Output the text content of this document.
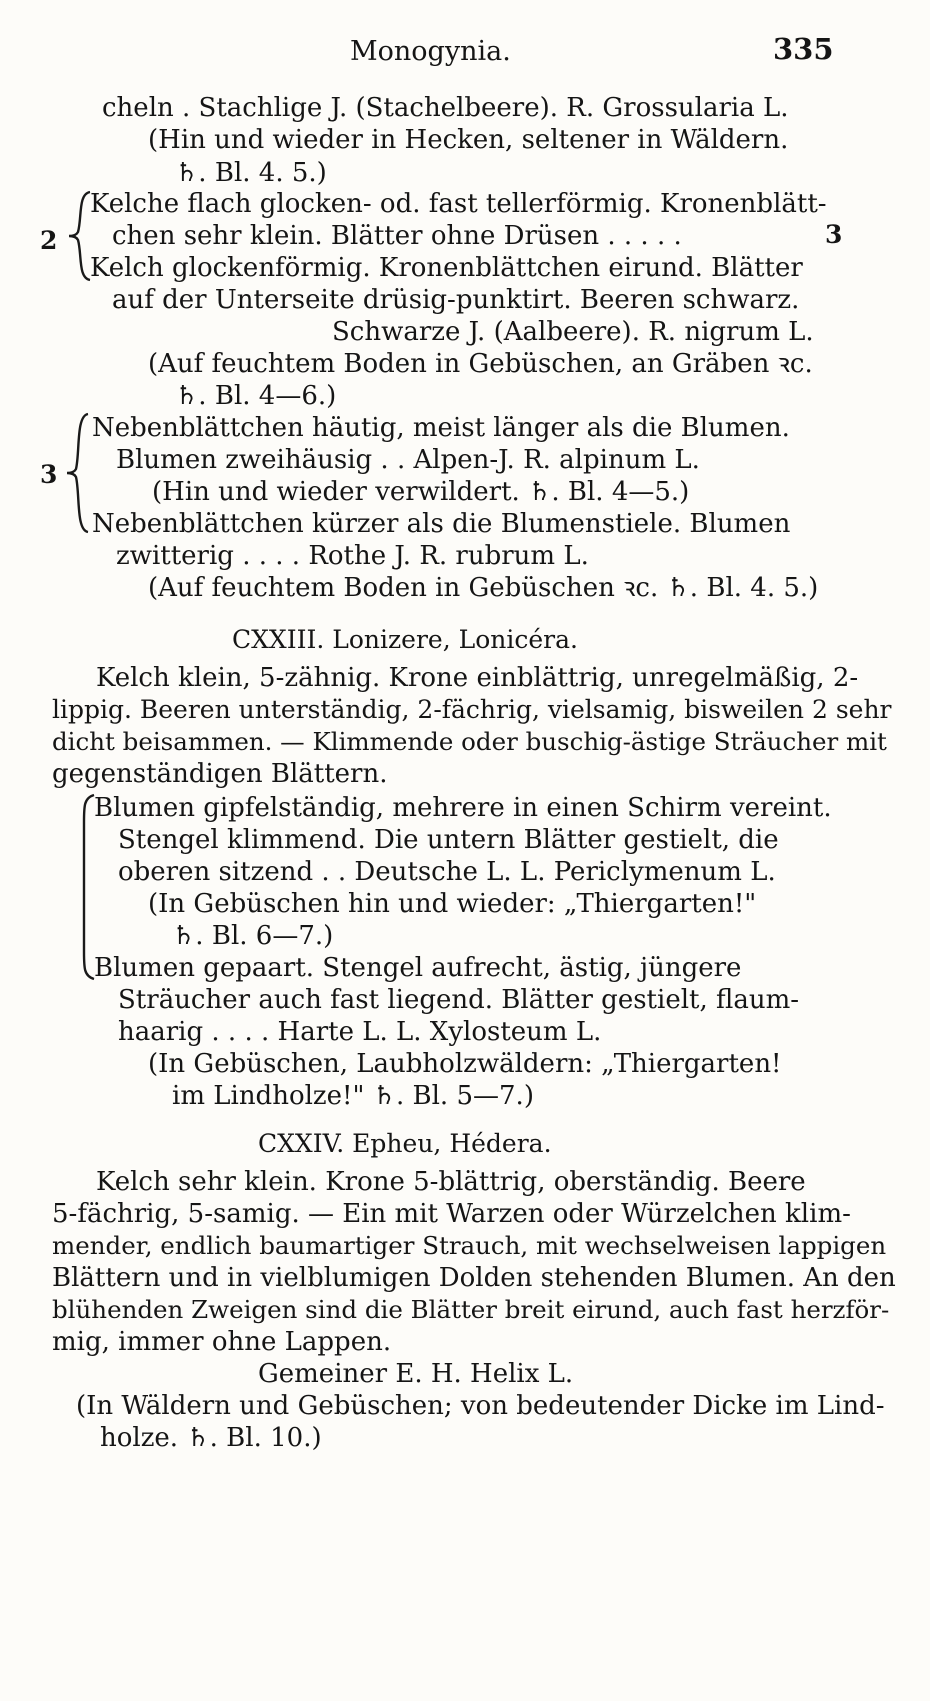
Monogynia.	335
cheln . Stachlige J. (Stachelbeere). R. Grossularia L.
(Hin und wieder in Hecken, seltener in Wäldern.
♄. Bl. 4. 5.)
2
Kelche flach glocken- od. fast tellerförmig. Kronenblätt-
chen sehr klein. Blätter ohne Drüsen . . . . .	3
Kelch glockenförmig. Kronenblättchen eirund. Blätter
auf der Unterseite drüsig-punktirt. Beeren schwarz.
Schwarze J. (Aalbeere). R. nigrum L.
(Auf feuchtem Boden in Gebüschen, an Gräben ꝛc.
♄. Bl. 4—6.)
3
Nebenblättchen häutig, meist länger als die Blumen.
Blumen zweihäusig . . Alpen-J. R. alpinum L.
(Hin und wieder verwildert. ♄. Bl. 4—5.)
Nebenblättchen kürzer als die Blumenstiele. Blumen
zwitterig . . . . Rothe J. R. rubrum L.
(Auf feuchtem Boden in Gebüschen ꝛc. ♄. Bl. 4. 5.)
CXXIII. Lonizere, Lonicéra.
Kelch klein, 5-zähnig. Krone einblättrig, unregelmäßig, 2-
lippig. Beeren unterständig, 2-fächrig, vielsamig, bisweilen 2 sehr
dicht beisammen. — Klimmende oder buschig-ästige Sträucher mit
gegenständigen Blättern.
Blumen gipfelständig, mehrere in einen Schirm vereint.
Stengel klimmend. Die untern Blätter gestielt, die
oberen sitzend . . Deutsche L. L. Periclymenum L.
(In Gebüschen hin und wieder: „Thiergarten!"
♄. Bl. 6—7.)
Blumen gepaart. Stengel aufrecht, ästig, jüngere
Sträucher auch fast liegend. Blätter gestielt, flaum-
haarig . . . . Harte L. L. Xylosteum L.
(In Gebüschen, Laubholzwäldern: „Thiergarten!
im Lindholze!" ♄. Bl. 5—7.)
CXXIV. Epheu, Hédera.
Kelch sehr klein. Krone 5-blättrig, oberständig. Beere
5-fächrig, 5-samig. — Ein mit Warzen oder Würzelchen klim-
mender, endlich baumartiger Strauch, mit wechselweisen lappigen
Blättern und in vielblumigen Dolden stehenden Blumen. An den
blühenden Zweigen sind die Blätter breit eirund, auch fast herzför-
mig, immer ohne Lappen.
Gemeiner E. H. Helix L.
(In Wäldern und Gebüschen; von bedeutender Dicke im Lind-
holze. ♄. Bl. 10.)
